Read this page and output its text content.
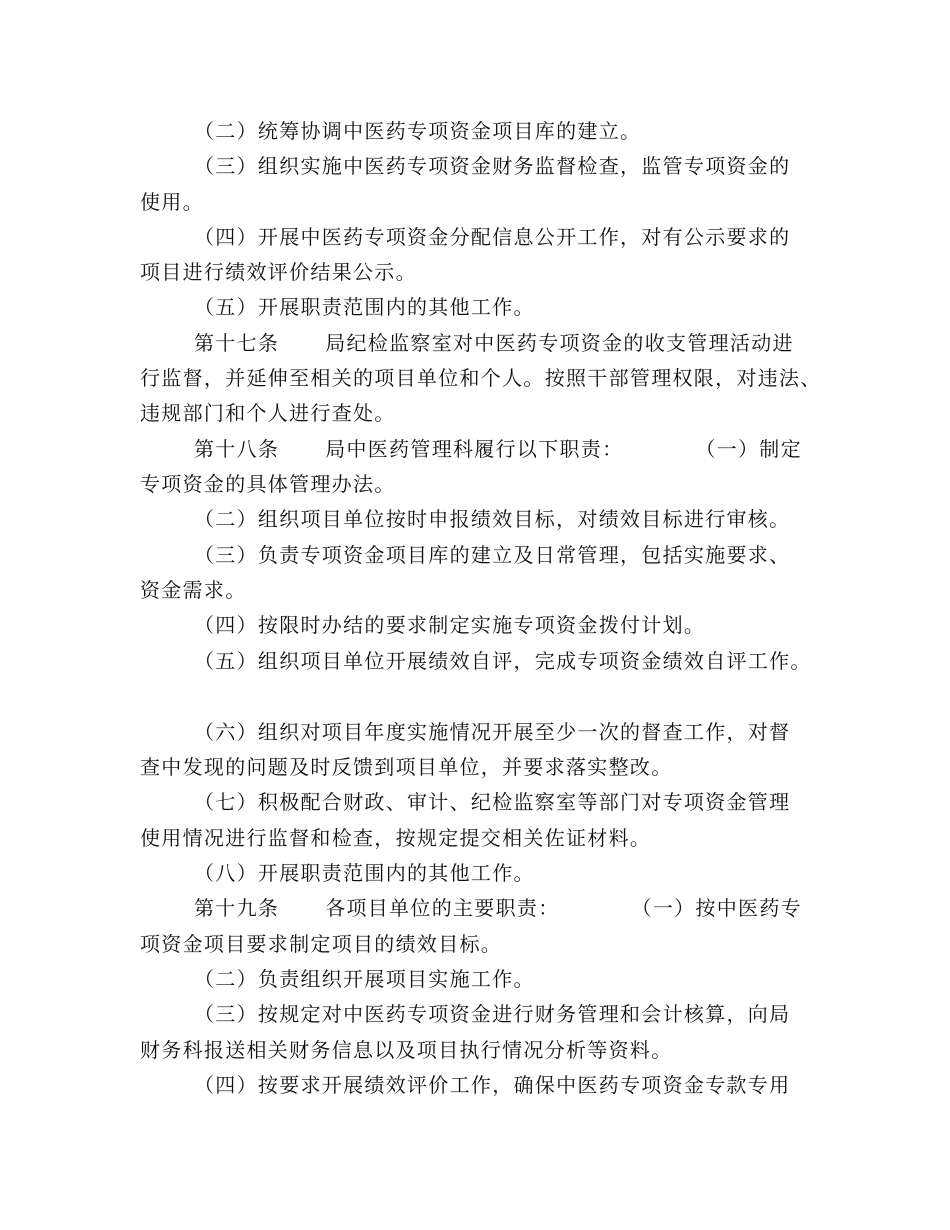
（二）统筹协调中医药专项资金项目库的建立。
（三）组织实施中医药专项资金财务监督检查，监管专项资金的
使用。
（四）开展中医药专项资金分配信息公开工作，对有公示要求的
项目进行绩效评价结果公示。
（五）开展职责范围内的其他工作。
第十七条 局纪检监察室对中医药专项资金的收支管理活动进
行监督，并延伸至相关的项目单位和个人。按照干部管理权限，对违法、
违规部门和个人进行查处。
第十八条 局中医药管理科履行以下职责：	（一）制定
专项资金的具体管理办法。
（二）组织项目单位按时申报绩效目标，对绩效目标进行审核。
（三）负责专项资金项目库的建立及日常管理，包括实施要求、
资金需求。
（四）按限时办结的要求制定实施专项资金拨付计划。
（五）组织项目单位开展绩效自评，完成专项资金绩效自评工作。
（六）组织对项目年度实施情况开展至少一次的督查工作，对督
查中发现的问题及时反馈到项目单位，并要求落实整改。
（七）积极配合财政、审计、纪检监察室等部门对专项资金管理
使用情况进行监督和检查，按规定提交相关佐证材料。
（八）开展职责范围内的其他工作。
第十九条 各项目单位的主要职责：	（一）按中医药专
项资金项目要求制定项目的绩效目标。
（二）负责组织开展项目实施工作。
（三）按规定对中医药专项资金进行财务管理和会计核算，向局
财务科报送相关财务信息以及项目执行情况分析等资料。
（四）按要求开展绩效评价工作，确保中医药专项资金专款专用
